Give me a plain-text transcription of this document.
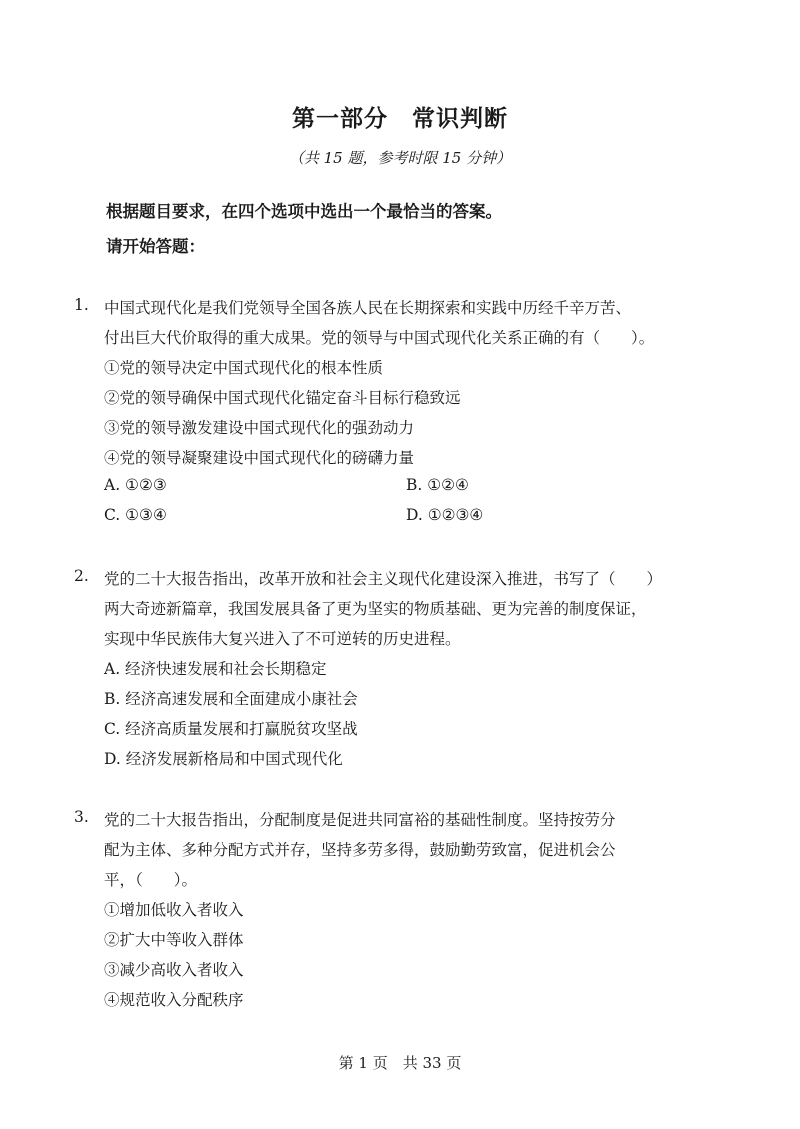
第一部分　常识判断
（共 15 题，参考时限 15 分钟）
根据题目要求，在四个选项中选出一个最恰当的答案。
请开始答题：
1. 中国式现代化是我们党领导全国各族人民在长期探索和实践中历经千辛万苦、
付出巨大代价取得的重大成果。党的领导与中国式现代化关系正确的有（　　）。
①党的领导决定中国式现代化的根本性质
②党的领导确保中国式现代化锚定奋斗目标行稳致远
③党的领导激发建设中国式现代化的强劲动力
④党的领导凝聚建设中国式现代化的磅礴力量
A. ①②③	B. ①②④
C. ①③④	D. ①②③④
2. 党的二十大报告指出，改革开放和社会主义现代化建设深入推进，书写了（　　）
两大奇迹新篇章，我国发展具备了更为坚实的物质基础、更为完善的制度保证，
实现中华民族伟大复兴进入了不可逆转的历史进程。
A. 经济快速发展和社会长期稳定
B. 经济高速发展和全面建成小康社会
C. 经济高质量发展和打赢脱贫攻坚战
D. 经济发展新格局和中国式现代化
3. 党的二十大报告指出，分配制度是促进共同富裕的基础性制度。坚持按劳分
配为主体、多种分配方式并存，坚持多劳多得，鼓励勤劳致富，促进机会公
平，（　　）。
①增加低收入者收入
②扩大中等收入群体
③减少高收入者收入
④规范收入分配秩序
第 1 页　共 33 页
